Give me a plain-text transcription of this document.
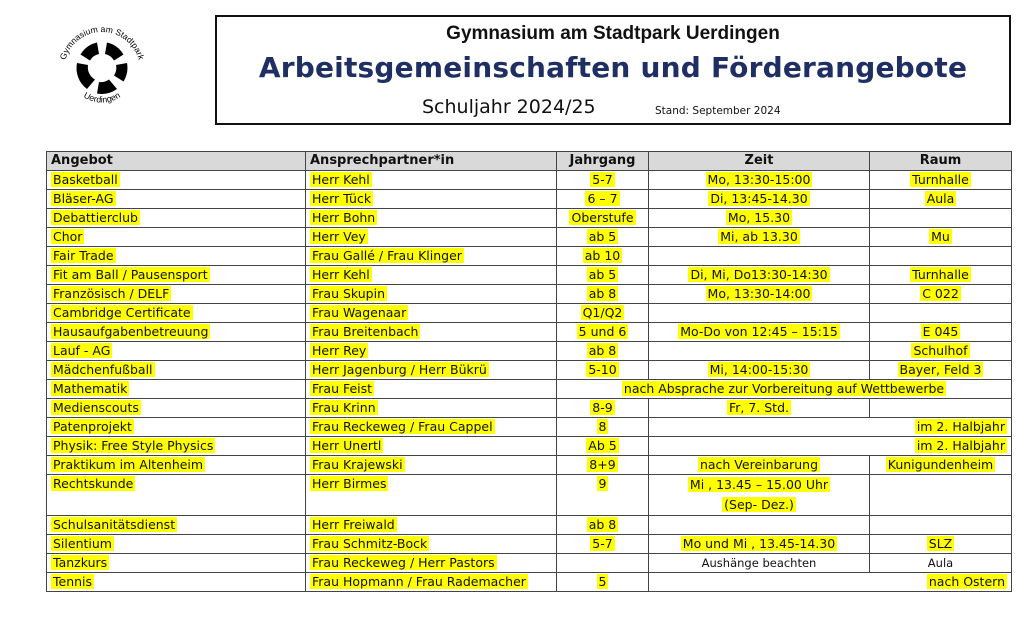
Gymnasium am Stadtpark
Uerdingen
Gymnasium am Stadtpark Uerdingen
Arbeitsgemeinschaften und Förderangebote
Schuljahr 2024/25	Stand: September 2024
Angebot	Ansprechpartner*in	Jahrgang	Zeit	Raum
Basketball	Herr Kehl	5-7	Mo, 13:30-15:00	Turnhalle
Bläser-AG	Herr Tück	6 – 7	Di, 13:45-14.30	Aula
Debattierclub	Herr Bohn	Oberstufe	Mo, 15.30	
Chor	Herr Vey	ab 5	Mi, ab 13.30	Mu
Fair Trade	Frau Gallé / Frau Klinger	ab 10		
Fit am Ball / Pausensport	Herr Kehl	ab 5	Di, Mi, Do13:30-14:30	Turnhalle
Französisch / DELF	Frau Skupin	ab 8	Mo, 13:30-14:00	C 022
Cambridge Certificate	Frau Wagenaar	Q1/Q2		
Hausaufgabenbetreuung	Frau Breitenbach	5 und 6	Mo-Do von 12:45 – 15:15	E 045
Lauf - AG	Herr Rey	ab 8		Schulhof
Mädchenfußball	Herr Jagenburg / Herr Bükrü	5-10	Mi, 14:00-15:30	Bayer, Feld 3
Mathematik	Frau Feist	nach Absprache zur Vorbereitung auf Wettbewerbe		
Medienscouts	Frau Krinn	8-9	Fr, 7. Std.	
Patenprojekt	Frau Reckeweg / Frau Cappel	8	im 2. Halbjahr	
Physik: Free Style Physics	Herr Unertl	Ab 5	im 2. Halbjahr	
Praktikum im Altenheim	Frau Krajewski	8+9	nach Vereinbarung	Kunigundenheim
Rechtskunde	Herr Birmes	9	Mi , 13.45 – 15.00 Uhr
(Sep- Dez.)	
Schulsanitätsdienst	Herr Freiwald	ab 8		
Silentium	Frau Schmitz-Bock	5-7	Mo und Mi , 13.45-14.30	SLZ
Tanzkurs	Frau Reckeweg / Herr Pastors		Aushänge beachten	Aula
Tennis	Frau Hopmann / Frau Rademacher	5	nach Ostern	
